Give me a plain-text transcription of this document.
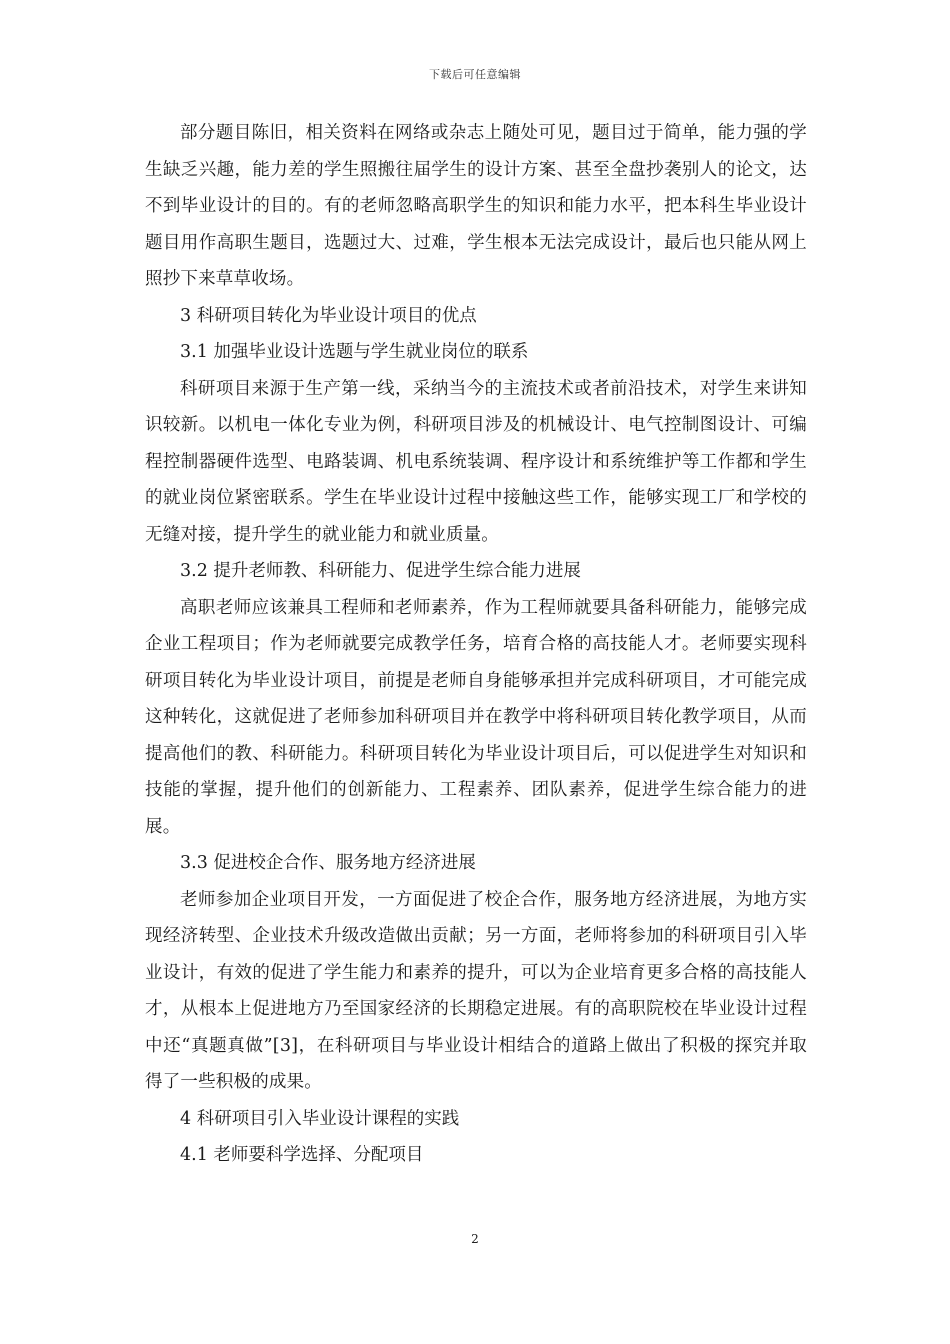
下载后可任意编辑

部分题目陈旧，相关资料在网络或杂志上随处可见，题目过于简单，能力强的学生缺乏兴趣，能力差的学生照搬往届学生的设计方案、甚至全盘抄袭别人的论文，达不到毕业设计的目的。有的老师忽略高职学生的知识和能力水平，把本科生毕业设计题目用作高职生题目，选题过大、过难，学生根本无法完成设计，最后也只能从网上照抄下来草草收场。

3 科研项目转化为毕业设计项目的优点

3.1 加强毕业设计选题与学生就业岗位的联系

科研项目来源于生产第一线，采纳当今的主流技术或者前沿技术，对学生来讲知识较新。以机电一体化专业为例，科研项目涉及的机械设计、电气控制图设计、可编程控制器硬件选型、电路装调、机电系统装调、程序设计和系统维护等工作都和学生的就业岗位紧密联系。学生在毕业设计过程中接触这些工作，能够实现工厂和学校的无缝对接，提升学生的就业能力和就业质量。

3.2 提升老师教、科研能力、促进学生综合能力进展

高职老师应该兼具工程师和老师素养，作为工程师就要具备科研能力，能够完成企业工程项目；作为老师就要完成教学任务，培育合格的高技能人才。老师要实现科研项目转化为毕业设计项目，前提是老师自身能够承担并完成科研项目，才可能完成这种转化，这就促进了老师参加科研项目并在教学中将科研项目转化教学项目，从而提高他们的教、科研能力。科研项目转化为毕业设计项目后，可以促进学生对知识和技能的掌握，提升他们的创新能力、工程素养、团队素养，促进学生综合能力的进展。

3.3 促进校企合作、服务地方经济进展

老师参加企业项目开发，一方面促进了校企合作，服务地方经济进展，为地方实现经济转型、企业技术升级改造做出贡献；另一方面，老师将参加的科研项目引入毕业设计，有效的促进了学生能力和素养的提升，可以为企业培育更多合格的高技能人才，从根本上促进地方乃至国家经济的长期稳定进展。有的高职院校在毕业设计过程中还“真题真做”[3]，在科研项目与毕业设计相结合的道路上做出了积极的探究并取得了一些积极的成果。

4 科研项目引入毕业设计课程的实践

4.1 老师要科学选择、分配项目

2
